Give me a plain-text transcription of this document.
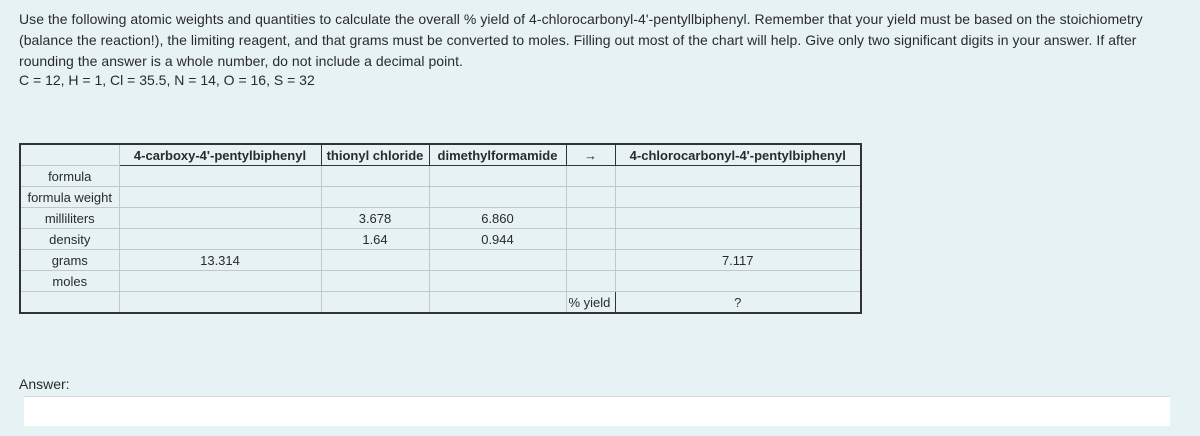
Use the following atomic weights and quantities to calculate the overall % yield of 4-chlorocarbonyl-4'-pentyllbiphenyl. Remember that your yield must be based on the stoichiometry (balance the reaction!), the limiting reagent, and that grams must be converted to moles. Filling out most of the chart will help. Give only two significant digits in your answer. If after rounding the answer is a whole number, do not include a decimal point.

C = 12, H = 1, Cl = 35.5, N = 14, O = 16, S = 32

	4-carboxy-4'-pentylbiphenyl	thionyl chloride	dimethylformamide	→	4-chlorocarbonyl-4'-pentylbiphenyl
formula					
formula weight					
milliliters		3.678	6.860		
density		1.64	0.944		
grams	13.314				7.117
moles					
				% yield	?
Answer:
